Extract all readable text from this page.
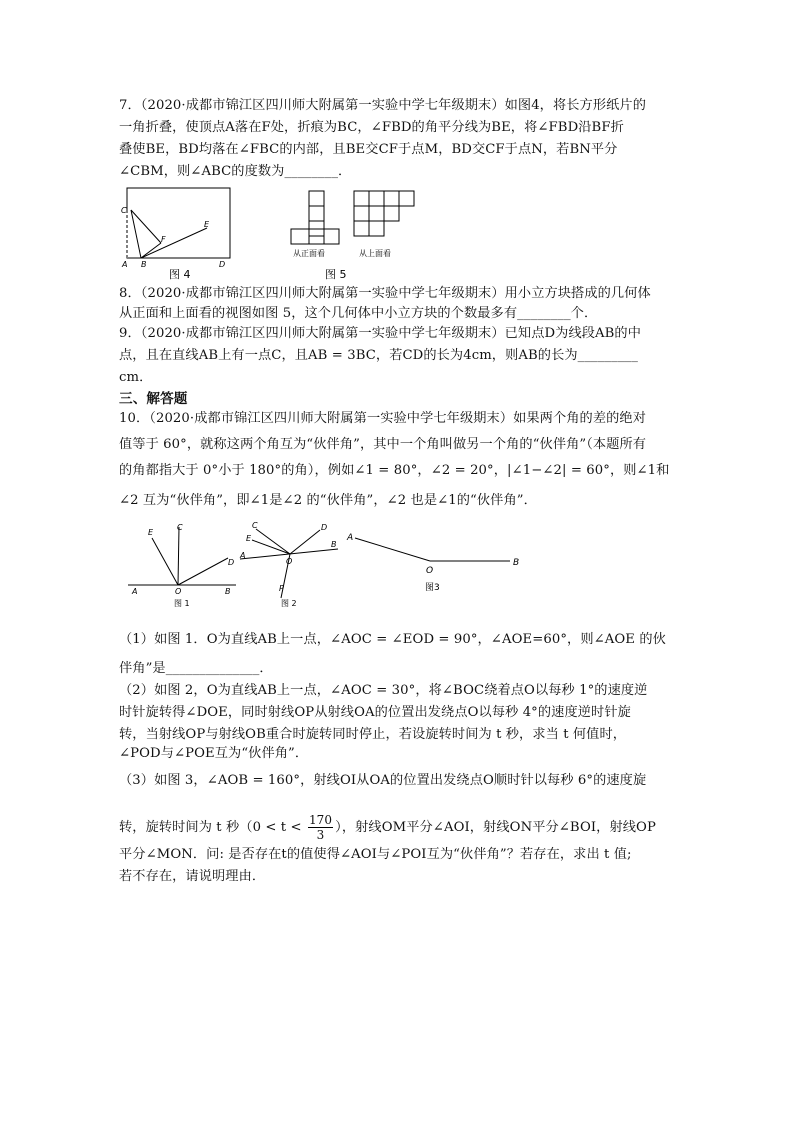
7．（2020·成都市锦江区四川师大附属第一实验中学七年级期末）如图4，将长方形纸片的
一角折叠，使顶点A落在F处，折痕为BC，∠FBD的角平分线为BE，将∠FBD沿BF折
叠使BE，BD均落在∠FBC的内部，且BE交CF于点M，BD交CF于点N，若BN平分
∠CBM，则∠ABC的度数为________．
C
E
F
A B	D
图 4
从正面看	从上面看
图 5
8．（2020·成都市锦江区四川师大附属第一实验中学七年级期末）用小立方块搭成的几何体
从正面和上面看的视图如图 5，这个几何体中小立方块的个数最多有________个．
9．（2020·成都市锦江区四川师大附属第一实验中学七年级期末）已知点D为线段AB的中
点，且在直线AB上有一点C，且AB = 3BC，若CD的长为4cm，则AB的长为_________
cm．
三、解答题
10．（2020·成都市锦江区四川师大附属第一实验中学七年级期末）如果两个角的差的绝对
值等于 60°，就称这两个角互为“伙伴角”，其中一个角叫做另一个角的“伙伴角”（本题所有
的角都指大于 0°小于 180°的角），例如∠1 = 80°，∠2 = 20°，|∠1−∠2| = 60°，则∠1和
∠2 互为“伙伴角”，即∠1是∠2 的“伙伴角”，∠2 也是∠1的“伙伴角”．
E
C
D
A	O	B
图 1
C
E
A
O
D
B
P
图 2
A
O
B
图3
（1）如图 1．O为直线AB上一点，∠AOC = ∠EOD = 90°，∠AOE=60°，则∠AOE 的伙
伴角”是______________．
（2）如图 2，O为直线AB上一点，∠AOC = 30°，将∠BOC绕着点O以每秒 1°的速度逆
时针旋转得∠DOE，同时射线OP从射线OA的位置出发绕点O以每秒 4°的速度逆时针旋
转，当射线OP与射线OB重合时旋转同时停止，若设旋转时间为 t 秒，求当 t 何值时，
∠POD与∠POE互为“伙伴角”．
（3）如图 3，∠AOB = 160°，射线OI从OA的位置出发绕点O顺时针以每秒 6°的速度旋
转，旋转时间为 t 秒（$0 < t < \frac{170}{3}$ ），射线OM平分∠AOI，射线ON平分∠BOI，射线OP
平分∠MON．问: 是否存在t的值使得∠AOI与∠POI互为“伙伴角”？若存在，求出 t 值;
若不存在，请说明理由．
